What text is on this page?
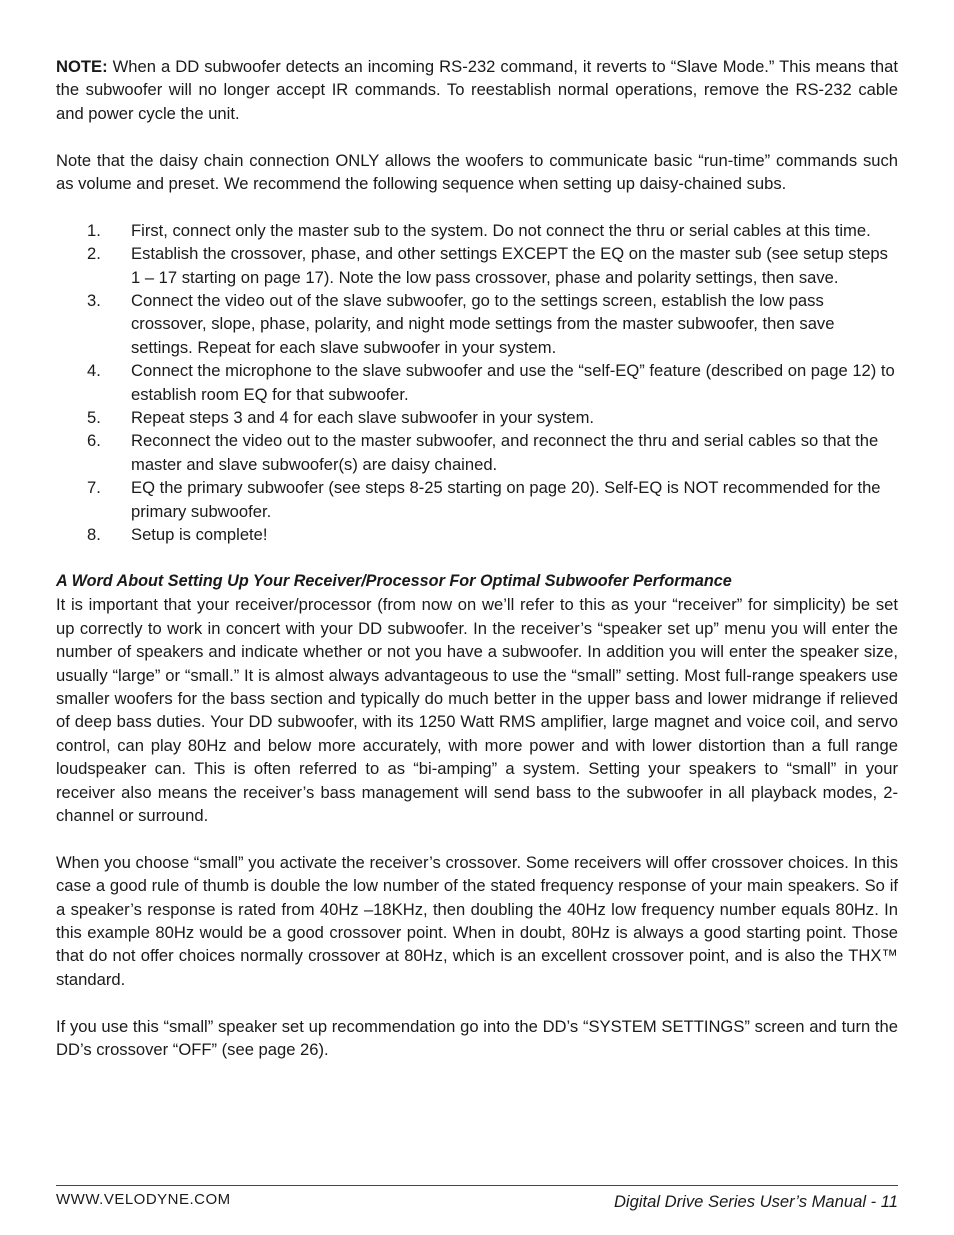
NOTE: When a DD subwoofer detects an incoming RS-232 command, it reverts to “Slave Mode.” This means that the subwoofer will no longer accept IR commands. To reestablish normal operations, remove the RS-232 cable and power cycle the unit.

Note that the daisy chain connection ONLY allows the woofers to communicate basic “run-time” commands such as volume and preset. We recommend the following sequence when setting up daisy-chained subs.

1. First, connect only the master sub to the system. Do not connect the thru or serial cables at this time.
2. Establish the crossover, phase, and other settings EXCEPT the EQ on the master sub (see setup steps 1 – 17 starting on page 17). Note the low pass crossover, phase and polarity settings, then save.
3. Connect the video out of the slave subwoofer, go to the settings screen, establish the low pass crossover, slope, phase, polarity, and night mode settings from the master subwoofer, then save settings. Repeat for each slave subwoofer in your system.
4. Connect the microphone to the slave subwoofer and use the “self-EQ” feature (described on page 12) to establish room EQ for that subwoofer.
5. Repeat steps 3 and 4 for each slave subwoofer in your system.
6. Reconnect the video out to the master subwoofer, and reconnect the thru and serial cables so that the master and slave subwoofer(s) are daisy chained.
7. EQ the primary subwoofer (see steps 8-25 starting on page 20). Self-EQ is NOT recommended for the primary subwoofer.
8. Setup is complete!

A Word About Setting Up Your Receiver/Processor For Optimal Subwoofer Performance

It is important that your receiver/processor (from now on we’ll refer to this as your “receiver” for simplicity) be set up correctly to work in concert with your DD subwoofer. In the receiver’s “speaker set up” menu you will enter the number of speakers and indicate whether or not you have a subwoofer. In addition you will enter the speaker size, usually “large” or “small.” It is almost always advantageous to use the “small” setting. Most full-range speakers use smaller woofers for the bass section and typically do much better in the upper bass and lower midrange if relieved of deep bass duties. Your DD subwoofer, with its 1250 Watt RMS amplifier, large magnet and voice coil, and servo control, can play 80Hz and below more accurately, with more power and with lower distortion than a full range loudspeaker can. This is often referred to as “bi-amping” a system. Setting your speakers to “small” in your receiver also means the receiver’s bass management will send bass to the subwoofer in all playback modes, 2-channel or surround.

When you choose “small” you activate the receiver’s crossover. Some receivers will offer crossover choices. In this case a good rule of thumb is double the low number of the stated frequency response of your main speakers. So if a speaker’s response is rated from 40Hz –18KHz, then doubling the 40Hz low frequency number equals 80Hz. In this example 80Hz would be a good crossover point. When in doubt, 80Hz is always a good starting point. Those that do not offer choices normally crossover at 80Hz, which is an excellent crossover point, and is also the THX™ standard.

If you use this “small” speaker set up recommendation go into the DD’s “SYSTEM SETTINGS” screen and turn the DD’s crossover “OFF” (see page 26).

WWW.VELODYNE.COM	Digital Drive Series User’s Manual - 11
